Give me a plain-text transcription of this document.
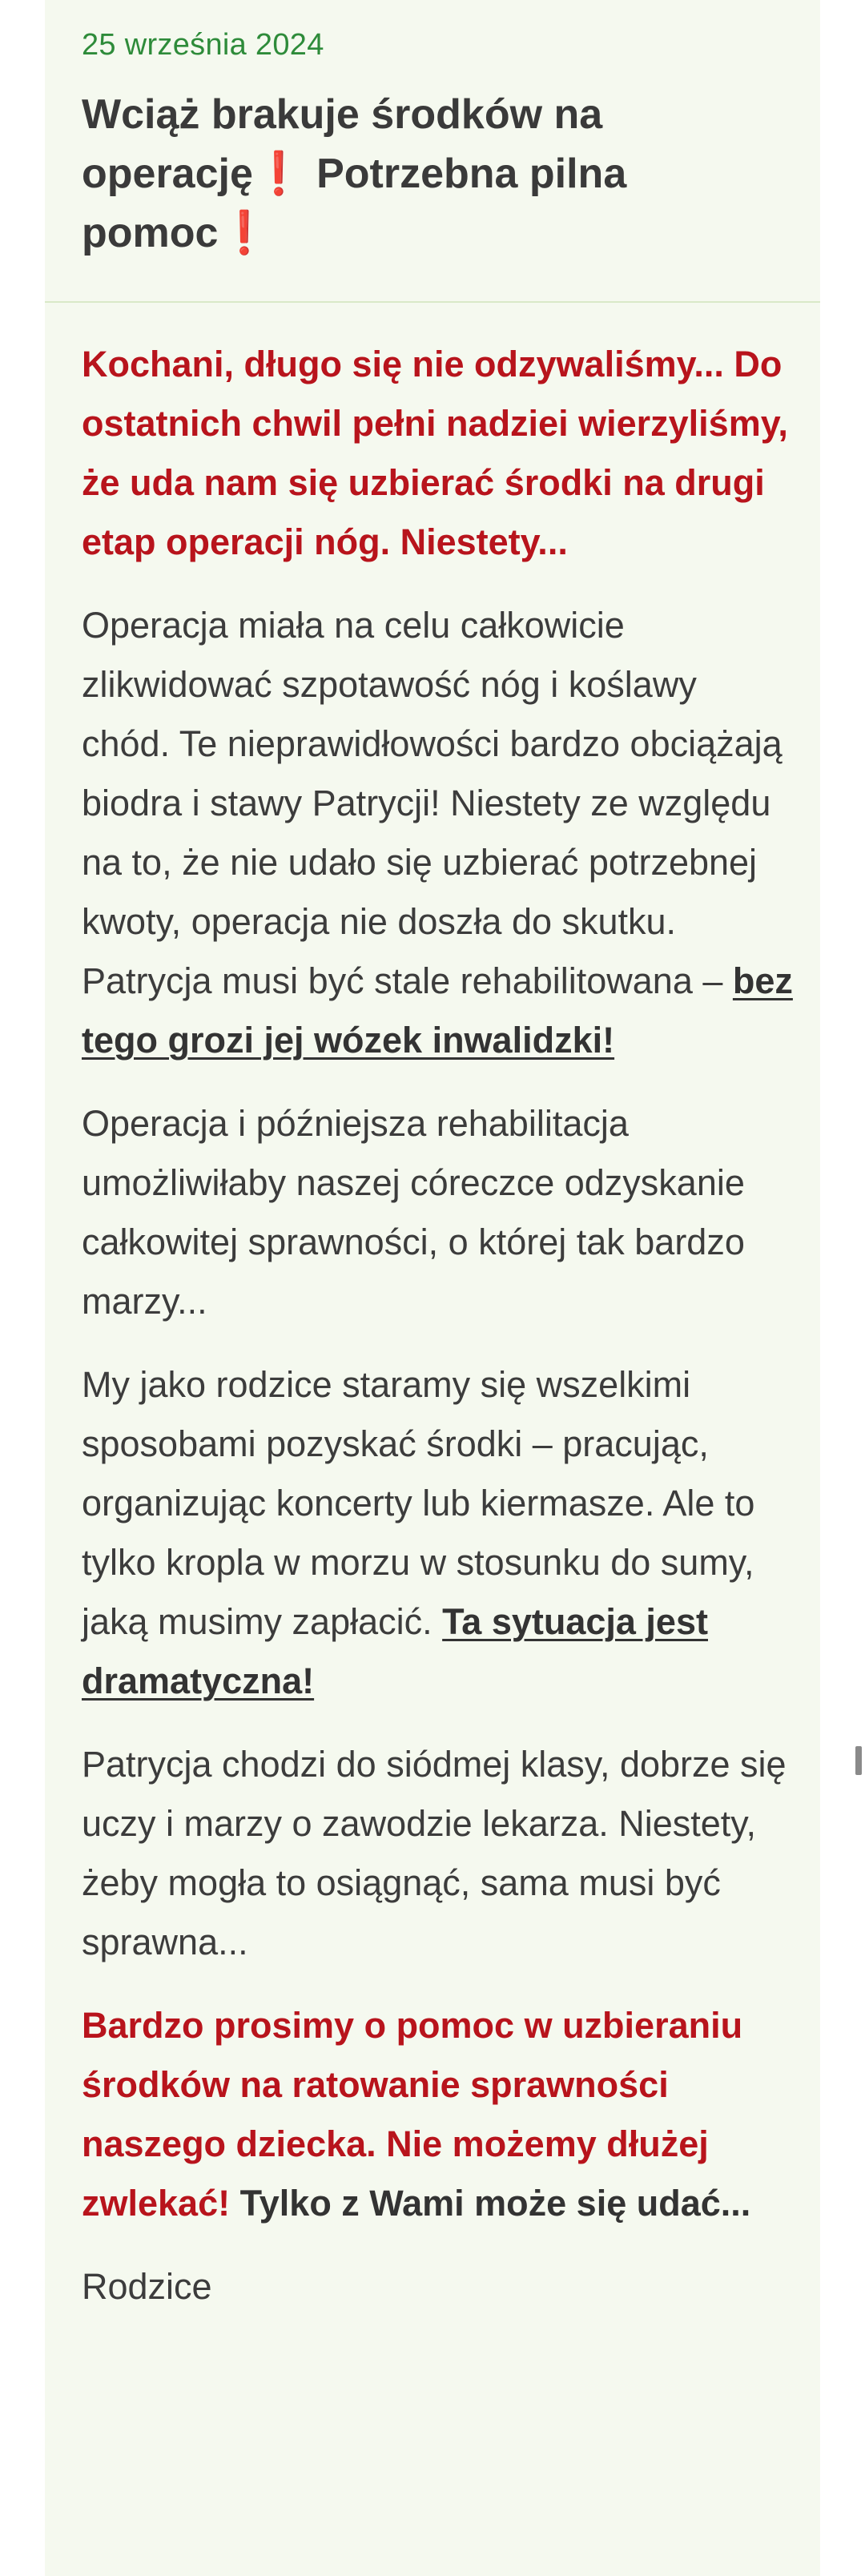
25 września 2024
Wciąż brakuje środków na operację❗ Potrzebna pilna pomoc❗

Kochani, długo się nie odzywaliśmy... Do ostatnich chwil pełni nadziei wierzyliśmy, że uda nam się uzbierać środki na drugi etap operacji nóg. Niestety...

Operacja miała na celu całkowicie zlikwidować szpotawość nóg i koślawy chód. Te nieprawidłowości bardzo obciążają biodra i stawy Patrycji! Niestety ze względu na to, że nie udało się uzbierać potrzebnej kwoty, operacja nie doszła do skutku. Patrycja musi być stale rehabilitowana – bez tego grozi jej wózek inwalidzki!

Operacja i późniejsza rehabilitacja umożliwiłaby naszej córeczce odzyskanie całkowitej sprawności, o której tak bardzo marzy...

My jako rodzice staramy się wszelkimi sposobami pozyskać środki – pracując, organizując koncerty lub kiermasze. Ale to tylko kropla w morzu w stosunku do sumy, jaką musimy zapłacić. Ta sytuacja jest dramatyczna!

Patrycja chodzi do siódmej klasy, dobrze się uczy i marzy o zawodzie lekarza. Niestety, żeby mogła to osiągnąć, sama musi być sprawna...

Bardzo prosimy o pomoc w uzbieraniu środków na ratowanie sprawności naszego dziecka. Nie możemy dłużej zwlekać! Tylko z Wami może się udać...

Rodzice
